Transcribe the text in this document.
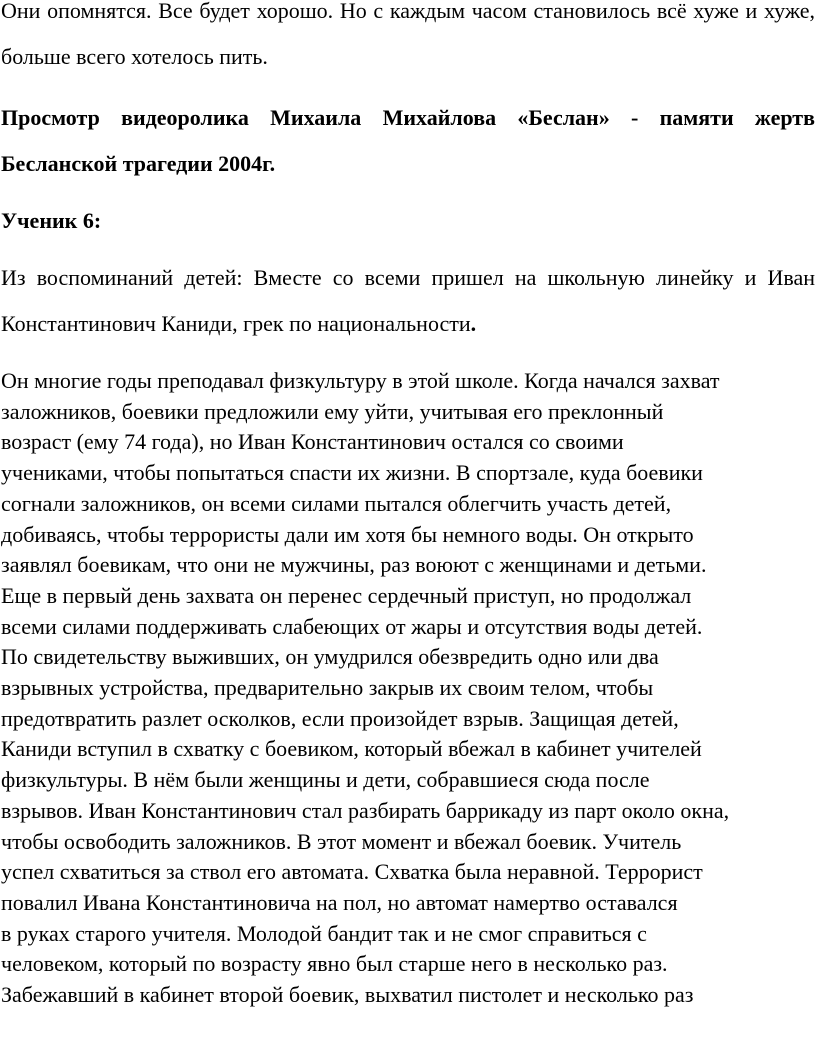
Они опомнятся. Все будет хорошо. Но с каждым часом становилось всё хуже и хуже, больше всего хотелось пить.

Просмотр видеоролика Михаила Михайлова «Беслан» - памяти жертв Бесланской трагедии 2004г.

Ученик 6:

Из воспоминаний детей: Вместе со всеми пришел на школьную линейку и Иван Константинович Каниди, грек по национальности.

Он многие годы преподавал физкультуру в этой школе. Когда начался захват
заложников, боевики предложили ему уйти, учитывая его преклонный
возраст (ему 74 года), но Иван Константинович остался со своими
учениками, чтобы попытаться спасти их жизни. В спортзале, куда боевики
согнали заложников, он всеми силами пытался облегчить участь детей,
добиваясь, чтобы террористы дали им хотя бы немного воды. Он открыто
заявлял боевикам, что они не мужчины, раз воюют с женщинами и детьми.
Еще в первый день захвата он перенес сердечный приступ, но продолжал
всеми силами поддерживать слабеющих от жары и отсутствия воды детей.
По свидетельству выживших, он умудрился обезвредить одно или два
взрывных устройства, предварительно закрыв их своим телом, чтобы
предотвратить разлет осколков, если произойдет взрыв. Защищая детей,
Каниди вступил в схватку с боевиком, который вбежал в кабинет учителей
физкультуры. В нём были женщины и дети, собравшиеся сюда после
взрывов. Иван Константинович стал разбирать баррикаду из парт около окна,
чтобы освободить заложников. В этот момент и вбежал боевик. Учитель
успел схватиться за ствол его автомата. Схватка была неравной. Террорист
повалил Ивана Константиновича на пол, но автомат намертво оставался
в руках старого учителя. Молодой бандит так и не смог справиться с
человеком, который по возрасту явно был старше него в несколько раз.
Забежавший в кабинет второй боевик, выхватил пистолет и несколько раз
